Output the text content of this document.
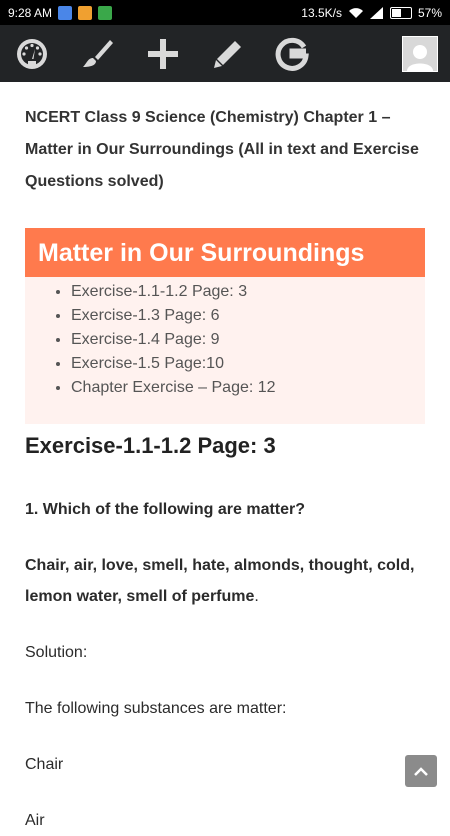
9:28 AM	13.5K/s	57%

NCERT Class 9 Science (Chemistry) Chapter 1 – Matter in Our Surroundings (All in text and Exercise Questions solved)

Matter in Our Surroundings
• Exercise-1.1-1.2 Page: 3
• Exercise-1.3 Page: 6
• Exercise-1.4 Page: 9
• Exercise-1.5 Page:10
• Chapter Exercise – Page: 12
Exercise-1.1-1.2 Page: 3

1. Which of the following are matter?

Chair, air, love, smell, hate, almonds, thought, cold, lemon water, smell of perfume.

Solution:

The following substances are matter:

Chair

Air
